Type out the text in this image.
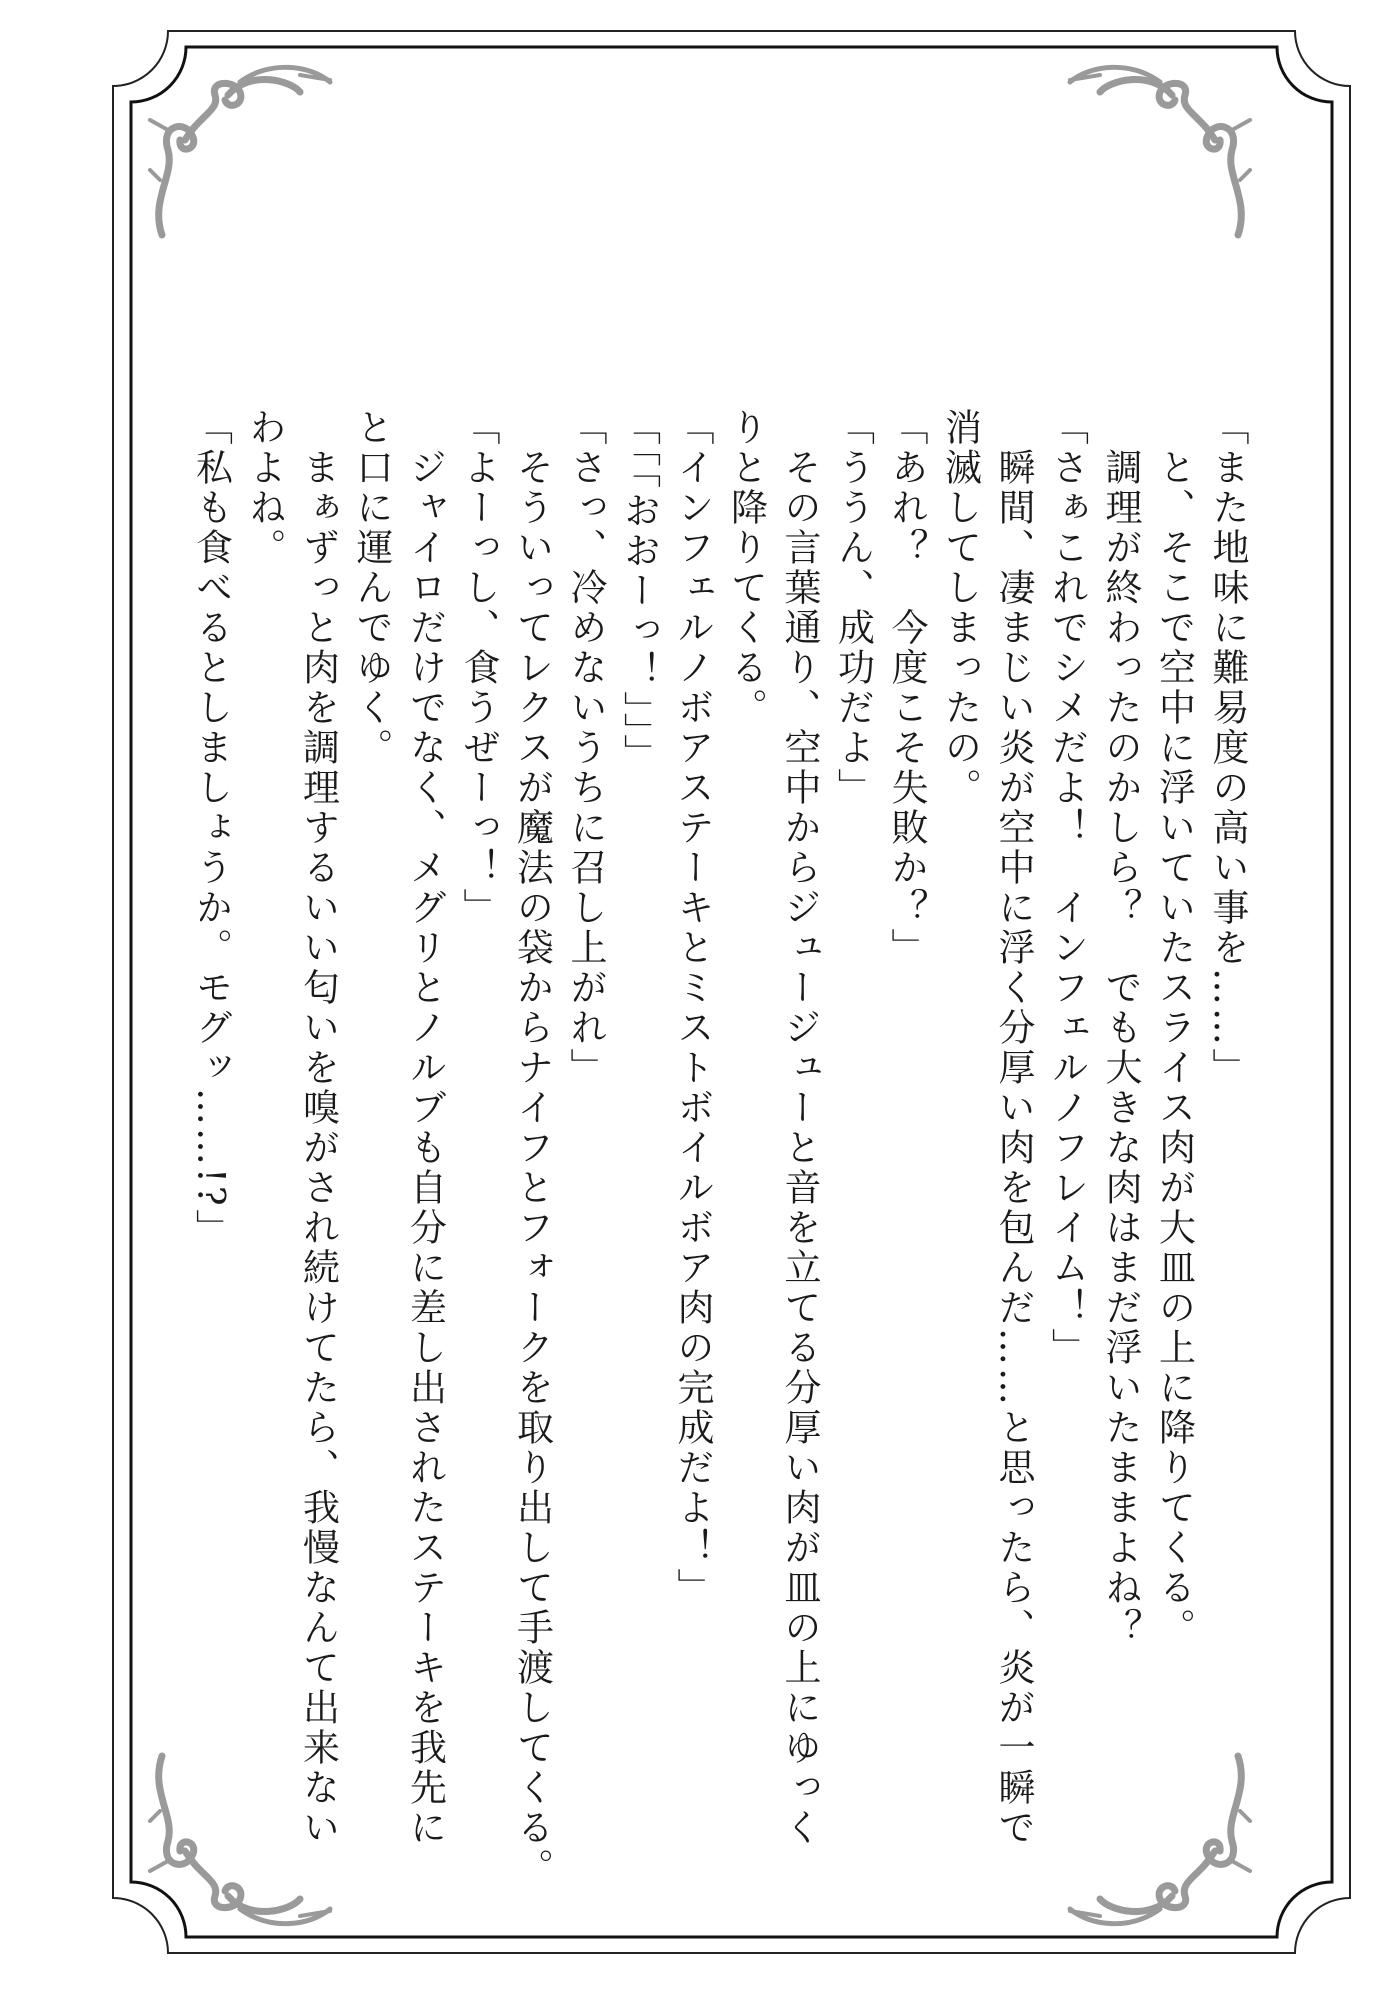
「また地味に難易度の高い事を……」
　と、そこで空中に浮いていたスライス肉が大皿の上に降りてくる。
　調理が終わったのかしら？　でも大きな肉はまだ浮いたままよね？
「さぁこれでシメだよ！　インフェルノフレイム！」
　瞬間、凄まじい炎が空中に浮く分厚い肉を包んだ……と思ったら、炎が一瞬で
消滅してしまったの。
「あれ？　今度こそ失敗か？」
「ううん、成功だよ」
　その言葉通り、空中からジュージューと音を立てる分厚い肉が皿の上にゆっく
りと降りてくる。
「インフェルノボアステーキとミストボイルボア肉の完成だよ！」
「「「おおーっ！」」」
「さっ、冷めないうちに召し上がれ」
　そういってレクスが魔法の袋からナイフとフォークを取り出して手渡してくる。
「よーっし、食うぜーっ！」
　ジャイロだけでなく、メグリとノルブも自分に差し出されたステーキを我先に
と口に運んでゆく。
　まぁずっと肉を調理するいい匂いを嗅がされ続けてたら、我慢なんて出来ない
わよね。
「私も食べるとしましょうか。モグッ……!?」
